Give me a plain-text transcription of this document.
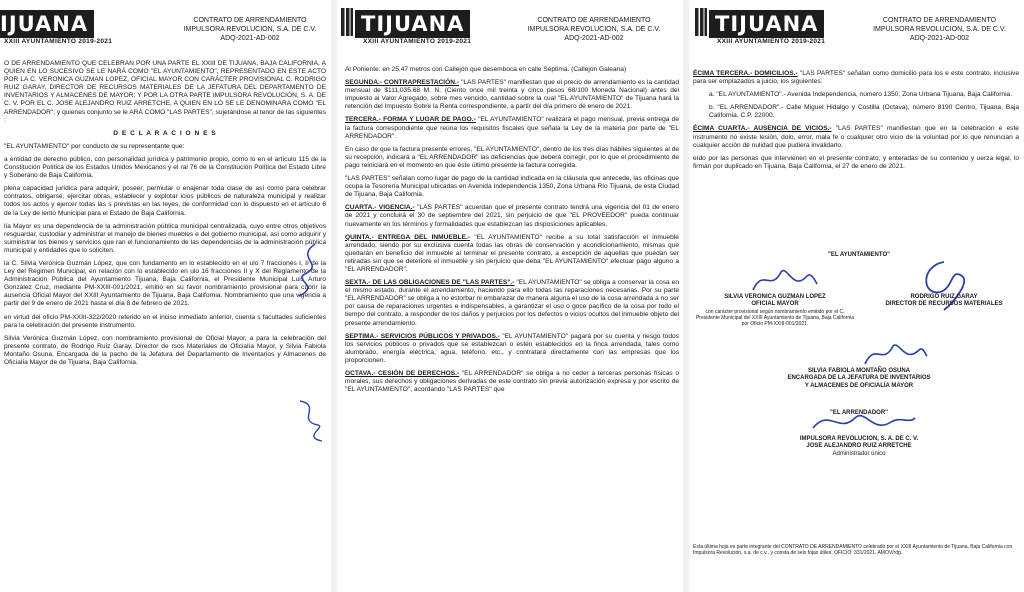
IJUANA
XXIII AYUNTAMIENTO 2019-2021
CONTRATO DE ARRENDAMIENTO
IMPULSORA REVOLUCION, S.A. DE C.V.
ADQ-2021-AD-002

O DE ARRENDAMIENTO QUE CELEBRAN POR UNA PARTE EL XXIII DE TIJUANA, BAJA CALIFORNIA, A QUIEN EN LO SUCESIVO SE LE NARÁ COMO "EL AYUNTAMIENTO", REPRESENTADO EN ESTE ACTO POR LA C. VERONICA GUZMAN LOPEZ, OFICIAL MAYOR CON CARÁCTER PROVISIONAL C. RODRIGO RUIZ GARAY, DIRECTOR DE RECURSOS MATERIALES DE LA JEFATURA DEL DEPARTAMENTO DE INVENTARIOS Y ALMACENES DE MAYOR; Y POR LA OTRA PARTE IMPULSORA REVOLUCION, S. A. DE C. V. POR EL C. JOSE ALEJANDRO RUIZ ARRETCHE, A QUIEN EN LO SE LE DENOMINARA COMO "EL ARRENDADOR"; y quienes conjunto se le ARÁ COMO "LAS PARTES", sujetándose al tenor de las siguientes :

D E C L A R A C I O N E S

"EL AYUNTAMIENTO" por conducto de su representante que:

a entidad de derecho público, con personalidad jurídica y patrimonio propio, como lo en el artículo 115 de la Constitución Política de los Estados Unidos Mexicanos y el ral 76 de la Constitución Política del Estado Libre y Soberano de Baja California.

plena capacidad jurídica para adquirir, poseer, permutar o enajenar toda clase de así como para celebrar contratos, obligarse, ejercitar obras, establecer y explotar icios públicos de naturaleza municipal y realizar todos los actos y ejercer todas las s previstas en las leyes, de conformidad con lo dispuesto en el artículo 6 de la Ley de iento Municipal para el Estado de Baja California.

lía Mayor es una dependencia de la administración pública municipal centralizada, cuyo entre otros objetivos resguardar, custodiar y administrar el manejo de bienes muebles e del gobierno municipal, así como adquirir y suministrar los bienes y servicios que ran el funcionamiento de las dependencias de la administración pública municipal y entidades que lo soliciten.

la C. Silvia Verónica Guzmán López, que con fundamento en lo establecido en el ulo 7 fracciones I, II de la Ley del Régimen Municipal, en relación con lo establecido en ulo 16 fracciones II y X del Reglamento de la Administración Pública del Ayuntamiento Tijuana, Baja California, el Presidente Municipal Luis Arturo González Cruz, mediante PM-XXIII-001/2021, emitió en su favor nombramiento provisional para cubrir la ausencia Oficial Mayor del XXIII Ayuntamiento de Tijuana, Baja California. Nombramiento que una vigencia a partir del 9 de enero de 2021 hasta el día 8 de febrero de 2021.

en virtud del oficio PM-XXIII-322/2020 referido en el inciso inmediato anterior, cuenta s facultades suficientes para la celebración del presente instrumento.

Silvia Verónica Guzmán López, con nombramiento provisional de Oficial Mayor, a para la celebración del presente contrato, de Rodrigo Ruiz Garay, Director de rsos Materiales de Oficialía Mayor, y Silvia Fabiola Montaño Osuna, Encargada de la pacho de la Jefatura del Departamento de Inventarios y Almacenes de Oficialía Mayor de de Tijuana, Baja California.

TIJUANA
XXIII AYUNTAMIENTO 2019-2021
CONTRATO DE ARRENDAMIENTO
IMPULSORA REVOLUCION, S.A. DE C.V.
ADQ-2021-AD-002

Al Poniente: en 25.47 metros con Callejón que desemboca en calle Séptima. (Callejón Galeana)

SEGUNDA.- CONTRAPRESTACIÓN.- "LAS PARTES" manifiestan que el precio de arrendamiento es la cantidad mensual de $111,035.68 M. N. (Ciento once mil treinta y cinco pesos 68/100 Moneda Nacional) antes del Impuesto al Valor Agregado, sobre mes vencido, cantidad sobre la cual "EL AYUNTAMIENTO" de Tijuana hará la retención del Impuesto Sobre la Renta correspondiente, a partir del día primero de enero de 2021.

TERCERA.- FORMA Y LUGAR DE PAGO.- "EL AYUNTAMIENTO" realizará el pago mensual, previa entrega de la factura correspondiente que reúna los requisitos fiscales que señala la Ley de la materia por parte de "EL ARRENDADOR".

En caso de que la factura presente errores, "EL AYUNTAMIENTO", dentro de los tres días hábiles siguientes al de su recepción, indicará a "EL ARRENDADOR" las deficiencias que deberá corregir, por lo que el procedimiento de pago reiniciará en el momento en que éste último presente la factura corregida.

"LAS PARTES" señalan como lugar de pago de la cantidad indicada en la cláusula que antecede, las oficinas que ocupa la Tesorería Municipal ubicadas en Avenida Independencia 1350, Zona Urbana Río Tijuana, de esta Ciudad de Tijuana, Baja California.

CUARTA.- VIGENCIA.- "LAS PARTES" acuerdan que el presente contrato tendrá una vigencia del 01 de enero de 2021 y concluirá el 30 de septiembre del 2021, sin perjuicio de que "EL PROVEEDOR" pueda continuar nuevamente en los términos y formalidades que establezcan las disposiciones aplicables.

QUINTA.- ENTREGA DEL INMUEBLE.- "EL AYUNTAMIENTO" recibe a su total satisfacción el inmueble arrendado, siendo por su exclusiva cuenta todas las obras de conservación y acondicionamiento, mismas que quedarán en beneficio del inmueble al terminar el presente contrato, a excepción de aquellas que puedan ser retiradas sin que se deteriore el inmueble y sin perjuicio que deba "EL AYUNTAMIENTO" efectuar pago alguno a "EL ARRENDADOR".

SEXTA.- DE LAS OBLIGACIONES DE "LAS PARTES".- "EL AYUNTAMIENTO" se obliga a conservar la cosa en el mismo estado, durante el arrendamiento, haciendo para ello todas las reparaciones necesarias. Por su parte "EL ARRENDADOR" se obliga a no estorbar ni embarazar de manera alguna el uso de la cosa arrendada a no ser por causa de reparaciones urgentes e indispensables, a garantizar el uso o goce pacífico de la cosa por todo el tiempo del contrato, a responder de los daños y perjuicios por los defectos o vicios ocultos del inmueble objeto del presente arrendamiento.

SEPTIMA.- SERVICIOS PÚBLICOS Y PRIVADOS.- "EL AYUNTAMIENTO" pagará por su cuenta y riesgo todos los servicios públicos o privados que se establezcan o estén establecidos en la finca arrendada, tales como alumbrado, energía eléctrica, agua, teléfono, etc., y contratará directamente con las empresas que los proporcionen.

OCTAVA.- CESIÓN DE DERECHOS.- "EL ARRENDADOR" se obliga a no ceder a terceras personas físicas o morales, sus derechos y obligaciones derivadas de este contrato sin previa autorización expresa y por escrito de "EL AYUNTAMIENTO", acordando "LAS PARTES" que

TIJUANA
XXIII AYUNTAMIENTO 2019-2021
CONTRATO DE ARRENDAMIENTO
IMPULSORA REVOLUCION, S.A. DE C.V.
ADQ-2021-AD-002

ÉCIMA TERCERA.- DOMICILIOS.- "LAS PARTES" señalan como domicilio para los e este contrato, inclusive para ser emplazados a juicio, los siguientes:

a. "EL AYUNTAMIENTO".- Avenida Independencia, número 1350, Zona Urbana Tijuana, Baja California.

b. "EL ARRENDADOR".- Calle Miguel Hidalgo y Costilla (Octava), número 8190 Centro, Tijuana, Baja California, C.P. 22000.

ÉCIMA CUARTA.- AUSENCIA DE VICIOS.- "LAS PARTES" manifiestan que en la celebración e este instrumento no existe lesión, dolo, error, mala fe o cualquier otro vicio de la voluntad por lo que renuncian a cualquier acción de nulidad que pudiera invalidarlo.

eído por las personas que intervienen en el presente contrato, y enteradas de su contenido y uerza legal, lo firman por duplicado en Tijuana, Baja California, el 27 de enero de 2021.

"EL AYUNTAMIENTO"
SILVIA VERONICA GUZMAN LOPEZ
OFICIAL MAYOR
con carácter provisional según nombramiento emitido por el C. Presidente Municipal del XXIII Ayuntamiento de Tijuana, Baja California por Oficio PM-XXIII-001/2021.
RODRIGO RUIZ GARAY
DIRECTOR DE RECURSOS MATERIALES
SILVIA FABIOLA MONTAÑO OSUNA
ENCARGADA DE LA JEFATURA DE INVENTARIOS
Y ALMACENES DE OFICIALÍA MAYOR
"EL ARRENDADOR"
IMPULSORA REVOLUCION, S. A. DE C. V.
JOSE ALEJANDRO RUIZ ARRETCHE
Administrador único
Esta última hoja es parte integrante del CONTRATO DE ARRENDAMIENTO celebrado por el XXIII Ayuntamiento de Tijuana, Baja California con Impulsora Revolución, s.a. de c.v., y consta de seis fojas útiles. OFICIO: 331/2021. AMOV/rdg.
